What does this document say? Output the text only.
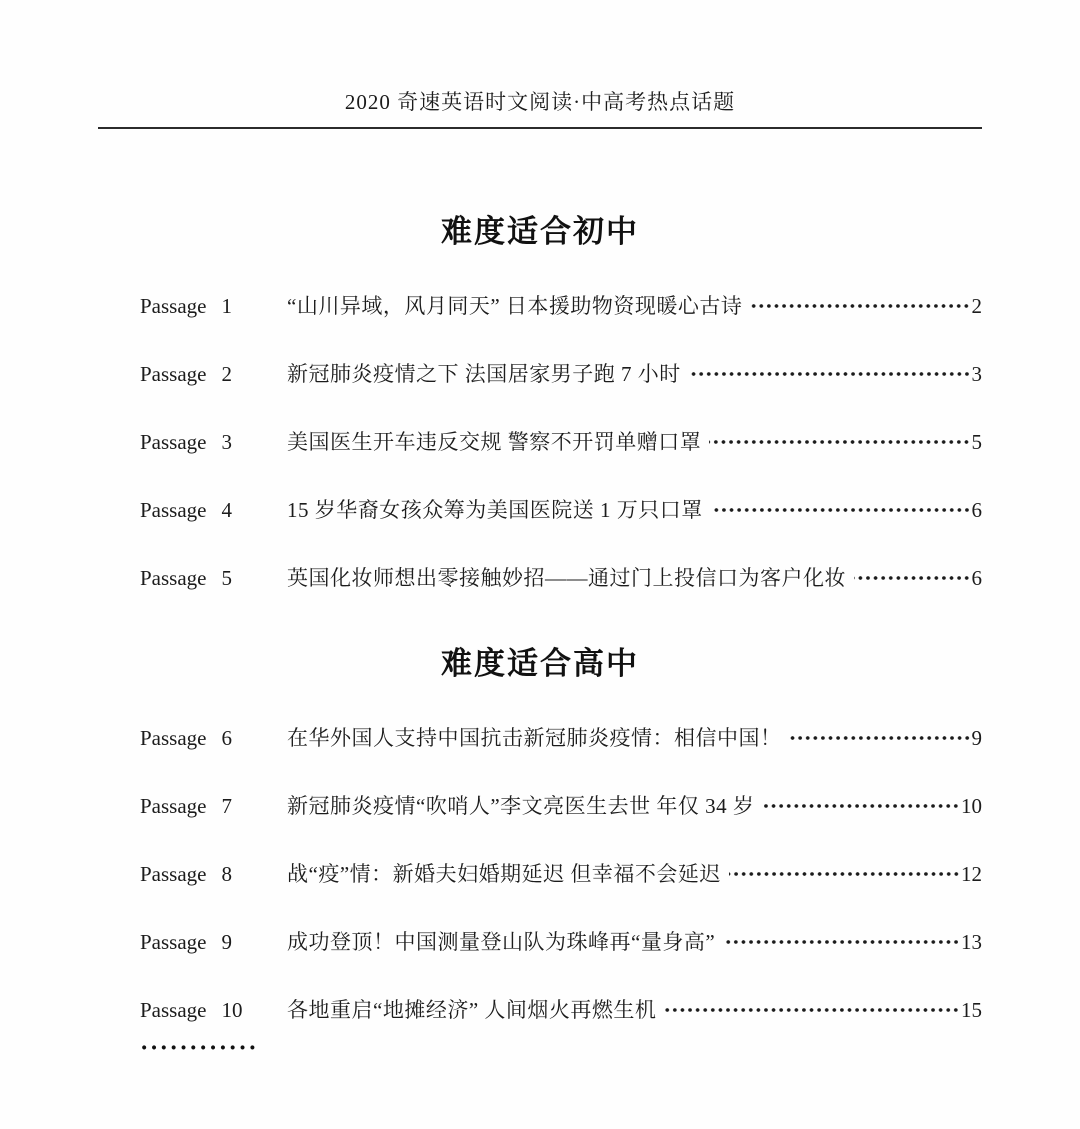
2020 奇速英语时文阅读·中高考热点话题
难度适合初中
Passage 1	“山川异域，风月同天” 日本援助物资现暖心古诗	2
Passage 2	新冠肺炎疫情之下 法国居家男子跑 7 小时	3
Passage 3	美国医生开车违反交规 警察不开罚单赠口罩	5
Passage 4	15 岁华裔女孩众筹为美国医院送 1 万只口罩	6
Passage 5	英国化妆师想出零接触妙招——通过门上投信口为客户化妆	6
难度适合高中
Passage 6	在华外国人支持中国抗击新冠肺炎疫情：相信中国！	9
Passage 7	新冠肺炎疫情“吹哨人”李文亮医生去世 年仅 34 岁	10
Passage 8	战“疫”情：新婚夫妇婚期延迟 但幸福不会延迟	12
Passage 9	成功登顶！中国测量登山队为珠峰再“量身高”	13
Passage 10 各地重启“地摊经济” 人间烟火再燃生机	15
············
